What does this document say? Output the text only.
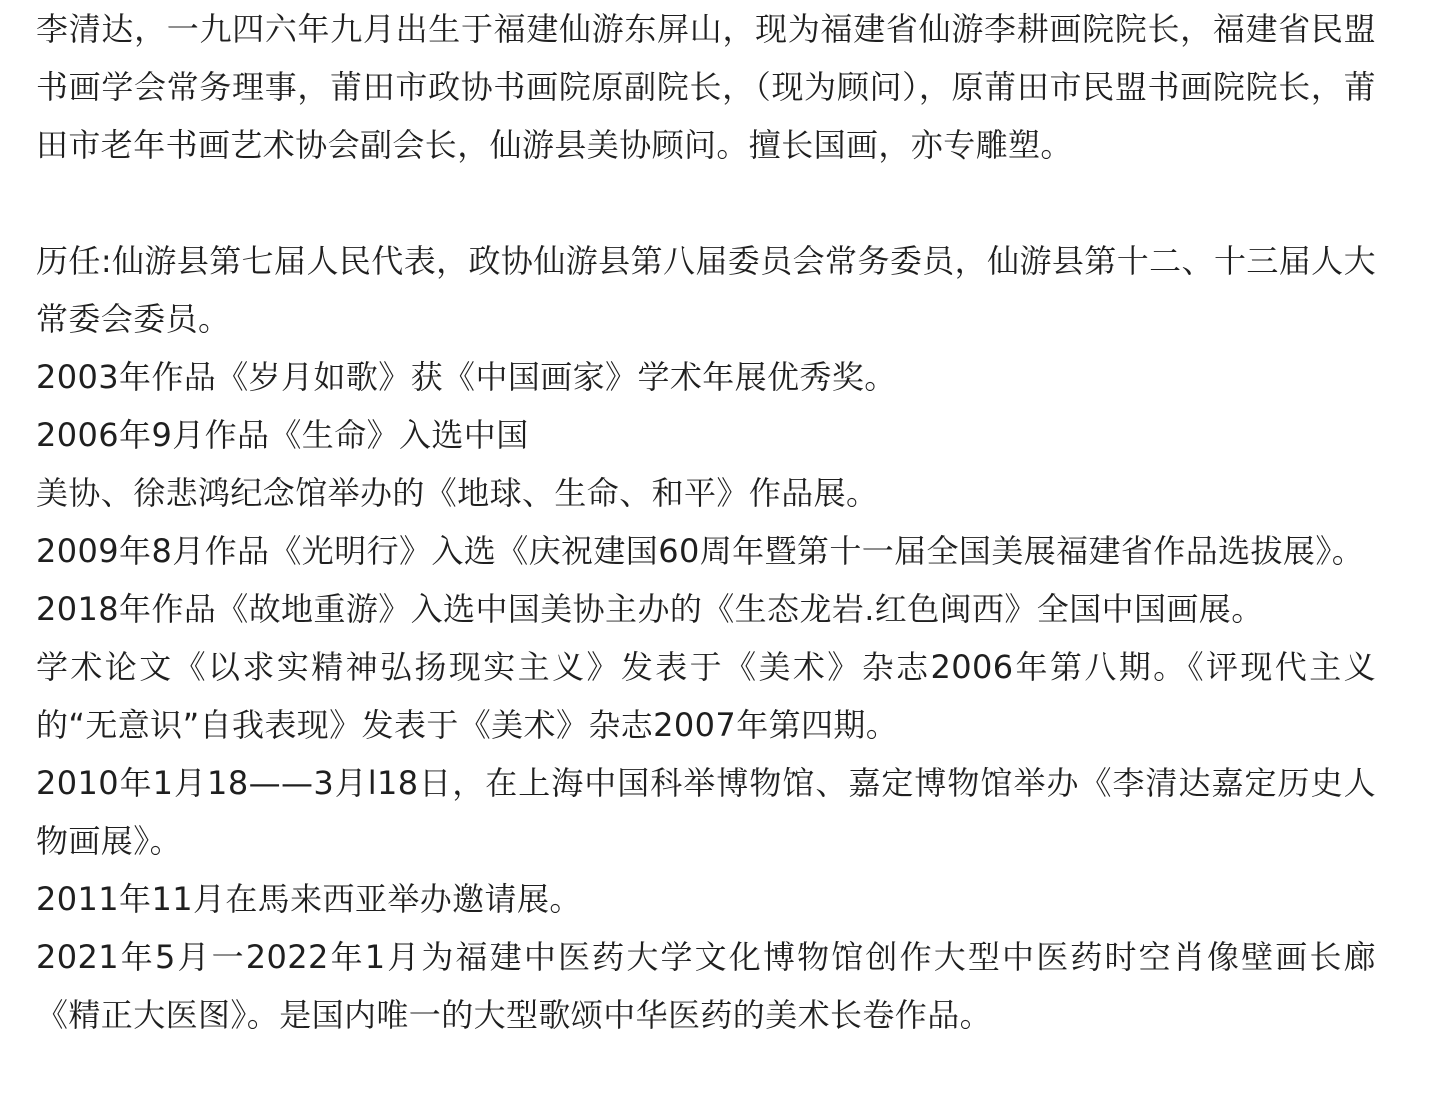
李清达，一九四六年九月出生于福建仙游东屏山，现为福建省仙游李耕画院院长，福建省民盟书画学会常务理事，莆田市政协书画院原副院长，（现为顾问），原莆田市民盟书画院院长，莆田市老年书画艺术协会副会长，仙游县美协顾问。擅长国画，亦专雕塑。

历任:仙游县第七届人民代表，政协仙游县第八届委员会常务委员，仙游县第十二、十三届人大常委会委员。

2003年作品《岁月如歌》获《中国画家》学术年展优秀奖。

2006年9月作品《生命》入选中国

美协、徐悲鸿纪念馆举办的《地球、生命、和平》作品展。

2009年8月作品《光明行》入选《庆祝建国60周年暨第十一届全国美展福建省作品选拔展》。

2018年作品《故地重游》入选中国美协主办的《生态龙岩.红色闽西》全国中国画展。

学术论文《以求实精神弘扬现实主义》发表于《美术》杂志2006年第八期。《评现代主义的“无意识”自我表现》发表于《美术》杂志2007年第四期。

2010年1月18——3月l18日，在上海中国科举博物馆、嘉定博物馆举办《李清达嘉定历史人物画展》。

2011年11月在馬来西亚举办邀请展。

2021年5月一2022年1月为福建中医药大学文化博物馆创作大型中医药时空肖像壁画长廊《精正大医图》。是国内唯一的大型歌颂中华医药的美术长卷作品。
